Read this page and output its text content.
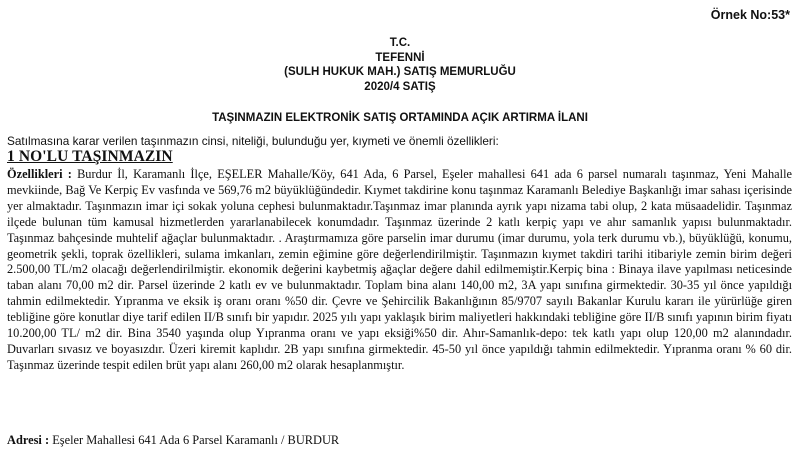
Örnek No:53*
T.C.
TEFENNİ
(SULH HUKUK MAH.) SATIŞ MEMURLUĞU
2020/4 SATIŞ
TAŞINMAZIN ELEKTRONİK SATIŞ ORTAMINDA AÇIK ARTIRMA İLANI
Satılmasına karar verilen taşınmazın cinsi, niteliği, bulunduğu yer, kıymeti ve önemli özellikleri:
1 NO'LU TAŞINMAZIN
Özellikleri : Burdur İl, Karamanlı İlçe, EŞELER Mahalle/Köy, 641 Ada, 6 Parsel, Eşeler mahallesi 641 ada 6 parsel numaralı taşınmaz, Yeni Mahalle mevkiinde, Bağ Ve Kerpiç Ev vasfında ve 569,76 m2 büyüklüğündedir. Kıymet takdirine konu taşınmaz Karamanlı Belediye Başkanlığı imar sahası içerisinde yer almaktadır. Taşınmazın imar içi sokak yoluna cephesi bulunmaktadır.Taşınmaz imar planında ayrık yapı nizama tabi olup, 2 kata müsaadelidir. Taşınmaz ilçede bulunan tüm kamusal hizmetlerden yararlanabilecek konumdadır. Taşınmaz üzerinde 2 katlı kerpiç yapı ve ahır samanlık yapısı bulunmaktadır. Taşınmaz bahçesinde muhtelif ağaçlar bulunmaktadır. . Araştırmamıza göre parselin imar durumu (imar durumu, yola terk durumu vb.), büyüklüğü, konumu, geometrik şekli, toprak özellikleri, sulama imkanları, zemin eğimine göre değerlendirilmiştir. Taşınmazın kıymet takdiri tarihi itibariyle zemin birim değeri 2.500,00 TL/m2 olacağı değerlendirilmiştir. ekonomik değerini kaybetmiş ağaçlar değere dahil edilmemiştir.Kerpiç bina : Binaya ilave yapılması neticesinde taban alanı 70,00 m2 dir. Parsel üzerinde 2 katlı ev ve bulunmaktadır. Toplam bina alanı 140,00 m2, 3A yapı sınıfına girmektedir. 30-35 yıl önce yapıldığı tahmin edilmektedir. Yıpranma ve eksik iş oranı oranı %50 dir. Çevre ve Şehircilik Bakanlığının 85/9707 sayılı Bakanlar Kurulu kararı ile yürürlüğe giren tebliğine göre konutlar diye tarif edilen II/B sınıfı bir yapıdır. 2025 yılı yapı yaklaşık birim maliyetleri hakkındaki tebliğine göre II/B sınıfı yapının birim fiyatı 10.200,00 TL/ m2 dir. Bina 3540 yaşında olup Yıpranma oranı ve yapı eksiği%50 dir. Ahır-Samanlık-depo: tek katlı yapı olup 120,00 m2 alanındadır. Duvarları sıvasız ve boyasızdır. Üzeri kiremit kaplıdır. 2B yapı sınıfına girmektedir. 45-50 yıl önce yapıldığı tahmin edilmektedir. Yıpranma oranı % 60 dir. Taşınmaz üzerinde tespit edilen brüt yapı alanı 260,00 m2 olarak hesaplanmıştır.
Adresi : Eşeler Mahallesi 641 Ada 6 Parsel Karamanlı / BURDUR
